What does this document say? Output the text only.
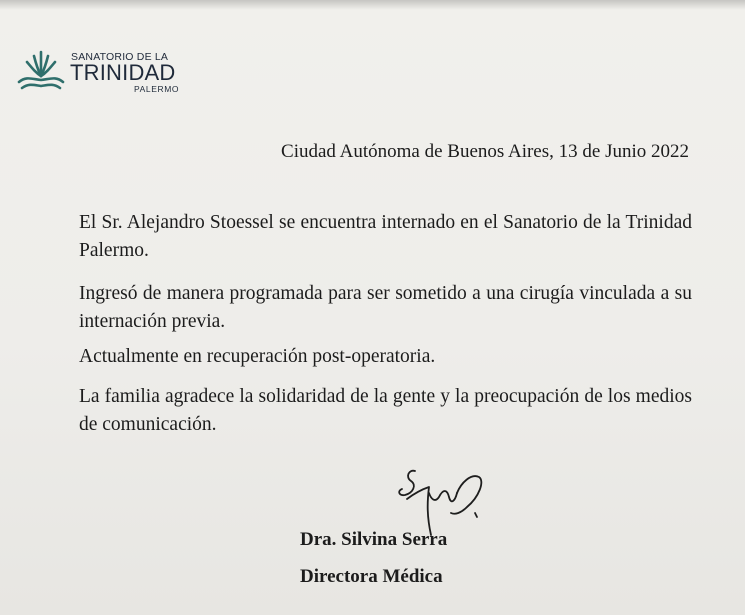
SANATORIO DE LA
TRINIDAD
PALERMO
Ciudad Autónoma de Buenos Aires, 13 de Junio 2022
El Sr. Alejandro Stoessel se encuentra internado en el Sanatorio de la Trinidad Palermo.
Ingresó de manera programada para ser sometido a una cirugía vinculada a su internación previa.
Actualmente en recuperación post-operatoria.
La familia agradece la solidaridad de la gente y la preocupación de los medios de comunicación.
Dra. Silvina Serra
Directora Médica
